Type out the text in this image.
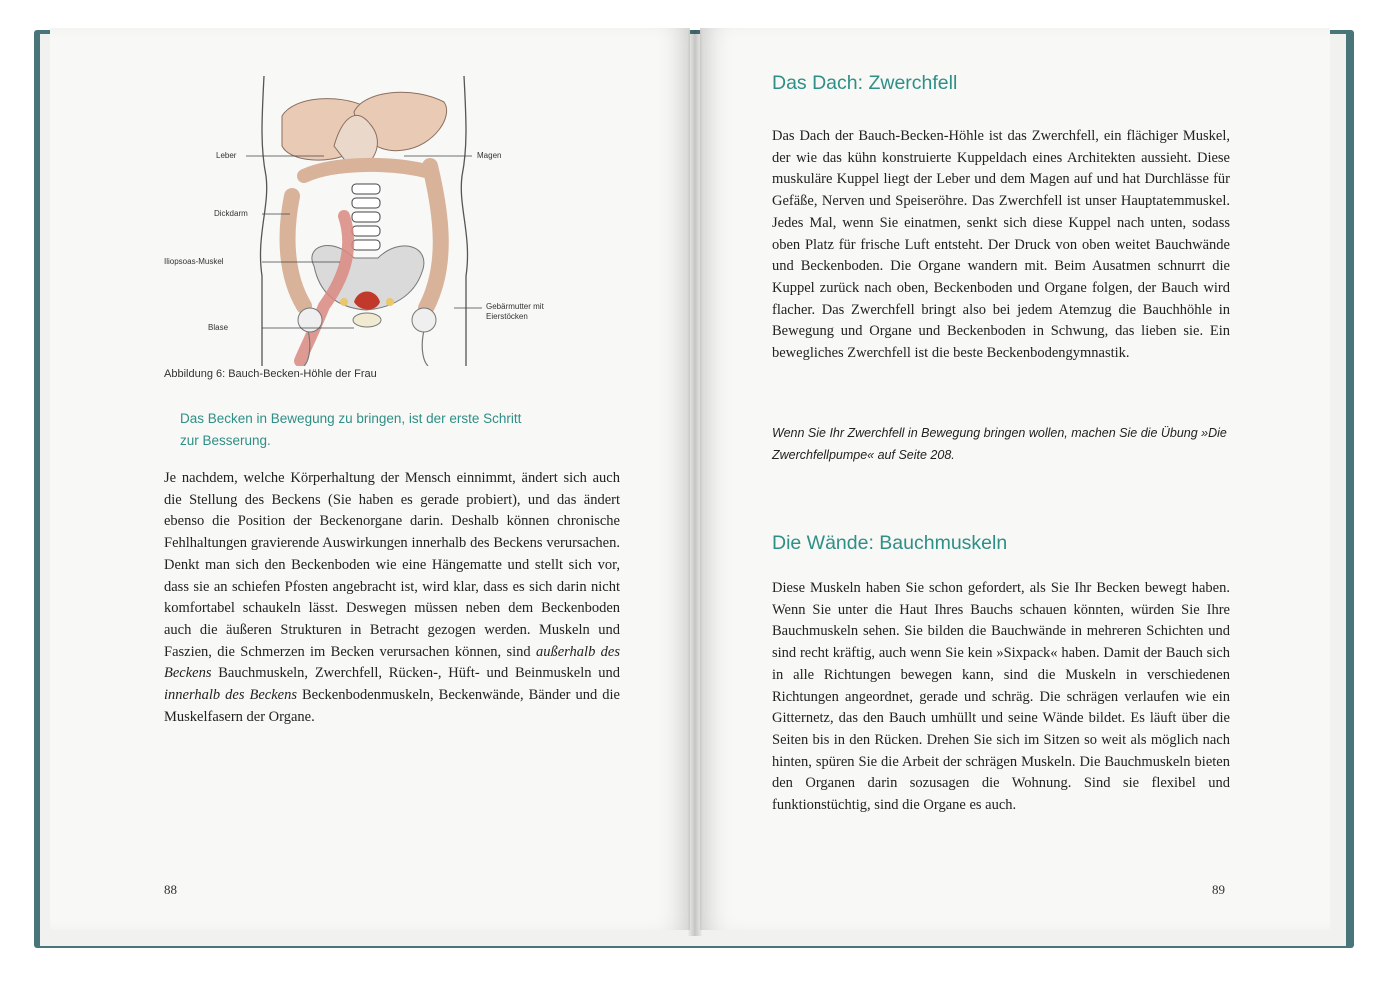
Leber	Magen
Dickdarm
Iliopsoas-Muskel
Gebärmutter mit Eierstöcken
Blase
Abbildung 6: Bauch-Becken-Höhle der Frau
Das Becken in Bewegung zu bringen, ist der erste Schritt zur Besserung.
Je nachdem, welche Körperhaltung der Mensch einnimmt, ändert sich auch die Stellung des Beckens (Sie haben es gerade probiert), und das ändert ebenso die Position der Beckenorgane darin. Deshalb können chronische Fehlhaltungen gravierende Auswirkungen innerhalb des Beckens verursachen. Denkt man sich den Beckenboden wie eine Hängematte und stellt sich vor, dass sie an schiefen Pfosten angebracht ist, wird klar, dass es sich darin nicht komfortabel schaukeln lässt. Deswegen müssen neben dem Beckenboden auch die äußeren Strukturen in Betracht gezogen werden. Muskeln und Faszien, die Schmerzen im Becken verursachen können, sind außerhalb des Beckens Bauchmuskeln, Zwerchfell, Rücken-, Hüft- und Beinmuskeln und innerhalb des Beckens Beckenbodenmuskeln, Beckenwände, Bänder und die Muskelfasern der Organe.
88
Das Dach: Zwerchfell
Das Dach der Bauch-Becken-Höhle ist das Zwerchfell, ein flächiger Muskel, der wie das kühn konstruierte Kuppeldach eines Architekten aussieht. Diese muskuläre Kuppel liegt der Leber und dem Magen auf und hat Durchlässe für Gefäße, Nerven und Speiseröhre. Das Zwerchfell ist unser Hauptatemmuskel. Jedes Mal, wenn Sie einatmen, senkt sich diese Kuppel nach unten, sodass oben Platz für frische Luft entsteht. Der Druck von oben weitet Bauchwände und Beckenboden. Die Organe wandern mit. Beim Ausatmen schnurrt die Kuppel zurück nach oben, Beckenboden und Organe folgen, der Bauch wird flacher. Das Zwerchfell bringt also bei jedem Atemzug die Bauchhöhle in Bewegung und Organe und Beckenboden in Schwung, das lieben sie. Ein bewegliches Zwerchfell ist die beste Beckenbodengymnastik.
Wenn Sie Ihr Zwerchfell in Bewegung bringen wollen, machen Sie die Übung »Die Zwerchfellpumpe« auf Seite 208.
Die Wände: Bauchmuskeln
Diese Muskeln haben Sie schon gefordert, als Sie Ihr Becken bewegt haben. Wenn Sie unter die Haut Ihres Bauchs schauen könnten, würden Sie Ihre Bauchmuskeln sehen. Sie bilden die Bauchwände in mehreren Schichten und sind recht kräftig, auch wenn Sie kein »Sixpack« haben. Damit der Bauch sich in alle Richtungen bewegen kann, sind die Muskeln in verschiedenen Richtungen angeordnet, gerade und schräg. Die schrägen verlaufen wie ein Gitternetz, das den Bauch umhüllt und seine Wände bildet. Es läuft über die Seiten bis in den Rücken. Drehen Sie sich im Sitzen so weit als möglich nach hinten, spüren Sie die Arbeit der schrägen Muskeln. Die Bauchmuskeln bieten den Organen darin sozusagen die Wohnung. Sind sie flexibel und funktionstüchtig, sind die Organe es auch.
89
